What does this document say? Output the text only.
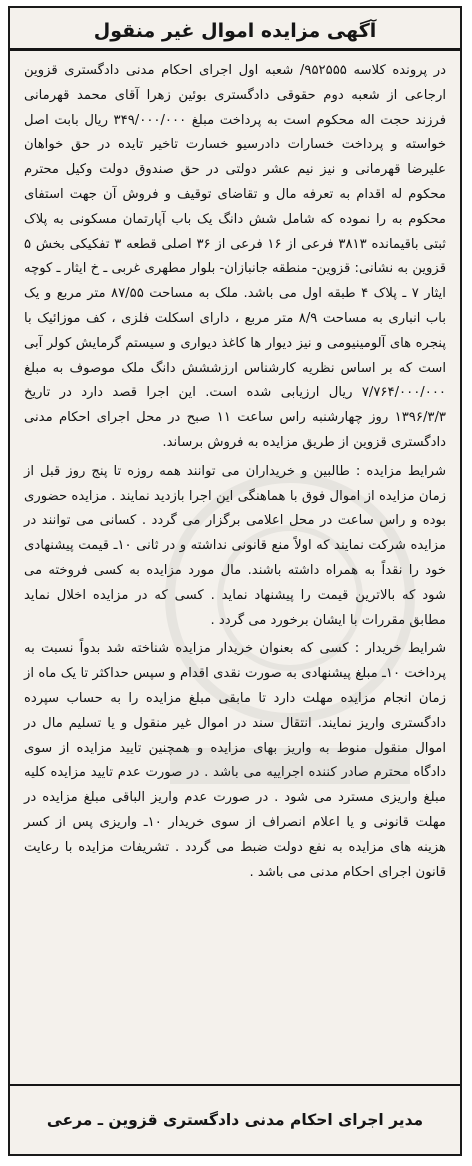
آگهی مزایده اموال غیر منقول

در پرونده کلاسه ۹۵۲۵۵۵/ شعبه اول اجرای احکام مدنی دادگستری قزوین ارجاعی از شعبه دوم حقوقی دادگستری بوئین زهرا آقای محمد قهرمانی فرزند حجت اله محکوم است به پرداخت مبلغ ۳۴۹/۰۰۰/۰۰۰ ریال بابت اصل خواسته و پرداخت خسارات دادرسیو خسارت تاخیر تایده در حق خواهان علیرضا قهرمانی و نیز نیم عشر دولتی در حق صندوق دولت وکیل محترم محکوم له اقدام به تعرفه مال و تقاضای توقیف و فروش آن جهت استفای محکوم به را نموده که شامل شش دانگ یک باب آپارتمان مسکونی به پلاک ثبتی باقیمانده ۳۸۱۳ فرعی از ۱۶ فرعی از ۳۶ اصلی قطعه ۳ تفکیکی بخش ۵ قزوین به نشانی: قزوین- منطقه جانبازان- بلوار مطهری غربی ـ خ ایثار ـ کوچه ایثار ۷ ـ پلاک ۴ طبقه اول می باشد. ملک به مساحت ۸۷/۵۵ متر مربع و یک باب انباری به مساحت ۸/۹ متر مربع ، دارای اسکلت فلزی ، کف موزائیک با پنجره های آلومینیومی و نیز دیوار ها کاغذ دیواری و سیستم گرمایش کولر آبی است که بر اساس نظریه کارشناس ارزششش دانگ ملک موصوف به مبلغ ۷/۷۶۴/۰۰۰/۰۰۰ ریال ارزیابی شده است. این اجرا قصد دارد در تاریخ ۱۳۹۶/۳/۳ روز چهارشنبه راس ساعت ۱۱ صبح در محل اجرای احکام مدنی دادگستری قزوین از طریق مزایده به فروش برساند.

شرایط مزایده : طالبین و خریداران می توانند همه روزه تا پنج روز قبل از زمان مزایده از اموال فوق با هماهنگی این اجرا بازدید نمایند . مزایده حضوری بوده و راس ساعت در محل اعلامی برگزار می گردد . کسانی می توانند در مزایده شرکت نمایند که اولاً منع قانونی نداشته و در ثانی ۱۰ـ قیمت پیشنهادی خود را نقداً به همراه داشته باشند. مال مورد مزایده به کسی فروخته می شود که بالاترین قیمت را پیشنهاد نماید . کسی که در مزایده اخلال نماید مطابق مقررات با ایشان برخورد می گردد .

شرایط خریدار : کسی که بعنوان خریدار مزایده شناخته شد بدواً نسبت به پرداخت ۱۰ـ مبلغ پیشنهادی به صورت نقدی اقدام و سپس حداکثر تا یک ماه از زمان انجام مزایده مهلت دارد تا مابقی مبلغ مزایده را به حساب سپرده دادگستری واریز نمایند. انتقال سند در اموال غیر منقول و یا تسلیم مال در اموال منقول منوط به واریز بهای مزایده و همچنین تایید مزایده از سوی دادگاه محترم صادر کننده اجراییه می باشد . در صورت عدم تایید مزایده کلیه مبلغ واریزی مسترد می شود . در صورت عدم واریز الباقی مبلغ مزایده در مهلت قانونی و یا اعلام انصراف از سوی خریدار ۱۰ـ واریزی پس از کسر هزینه های مزایده به نفع دولت ضبط می گردد . تشریفات مزایده با رعایت قانون اجرای احکام مدنی می باشد .

مدیر اجرای احکام مدنی دادگستری قزوین ـ مرعی
